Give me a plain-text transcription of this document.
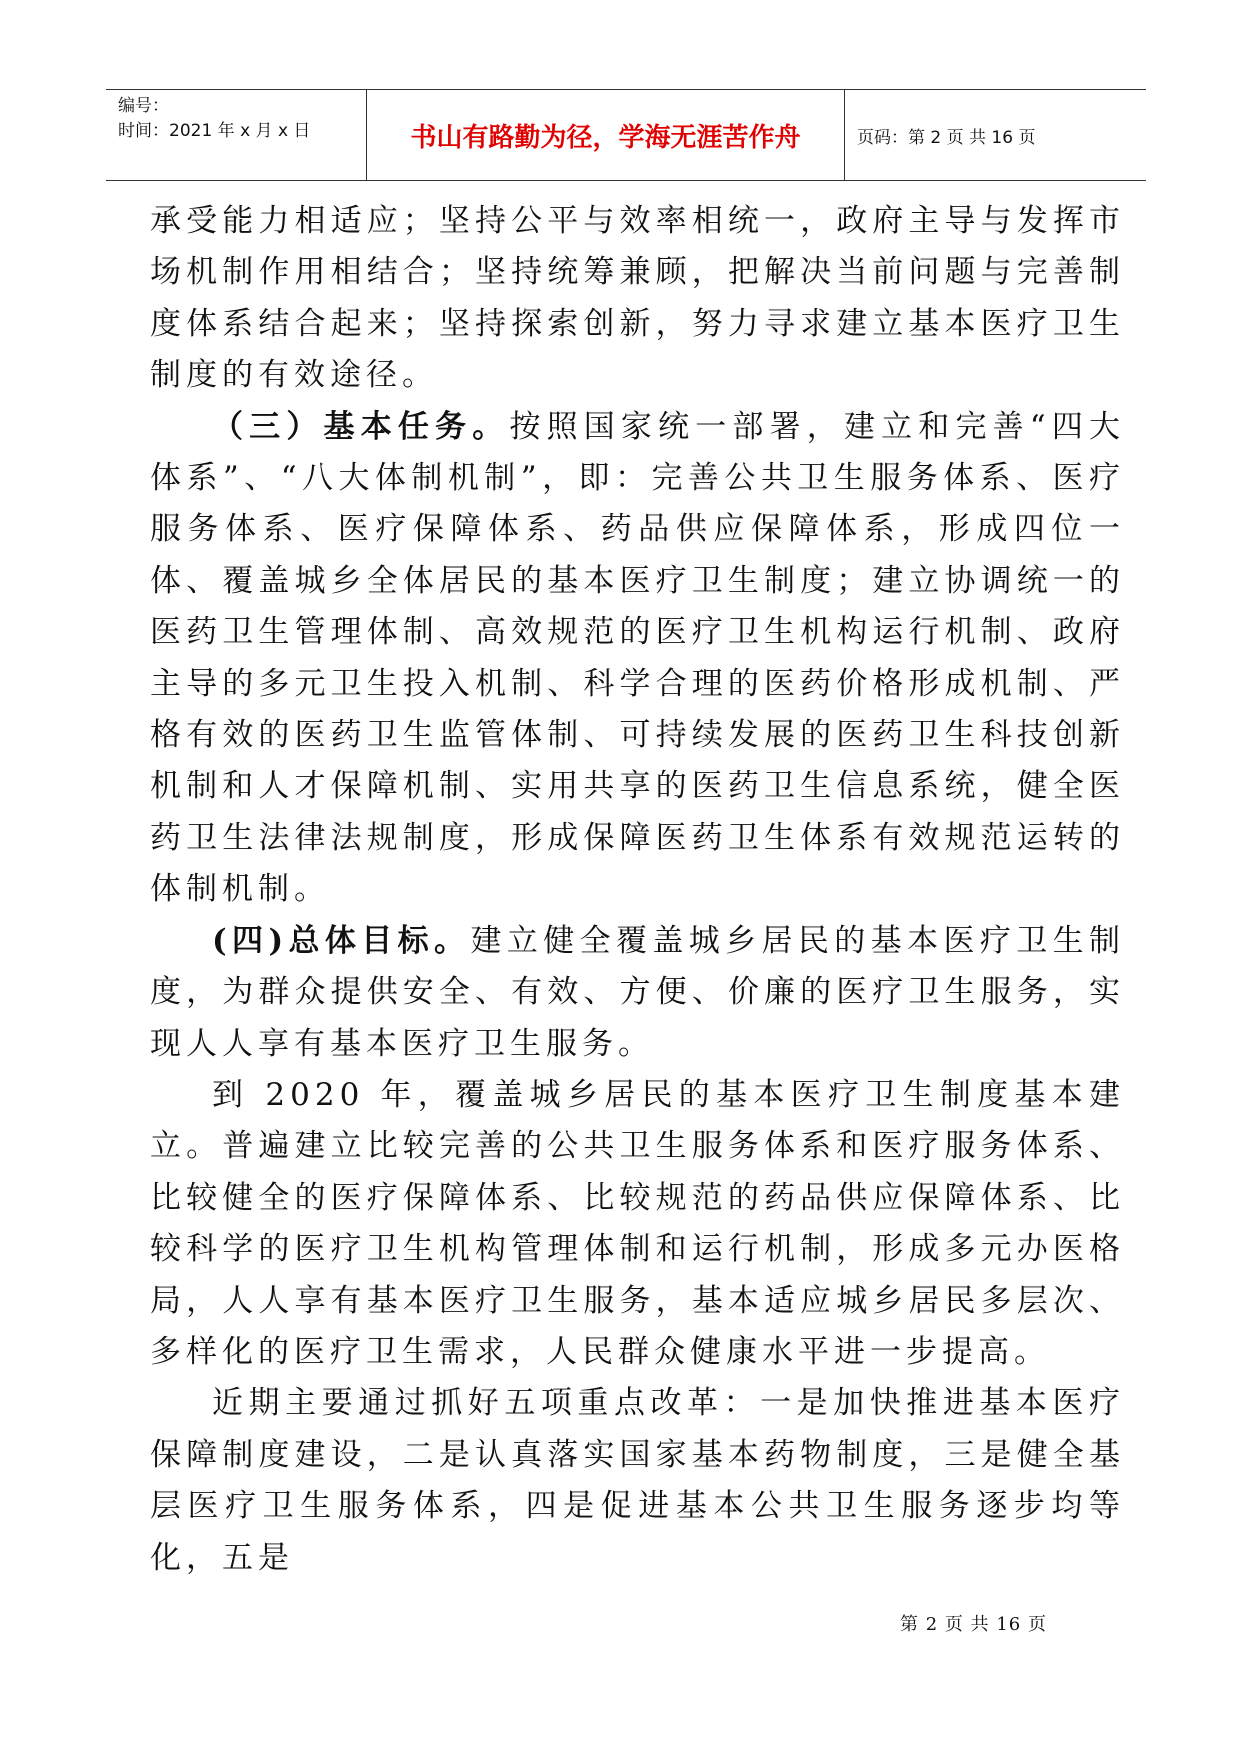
编号：
时间：2021 年 x 月 x 日	书山有路勤为径，学海无涯苦作舟	页码：第 2 页 共 16 页

承受能力相适应；坚持公平与效率相统一，政府主导与发挥市场机制作用相结合；坚持统筹兼顾，把解决当前问题与完善制度体系结合起来；坚持探索创新，努力寻求建立基本医疗卫生制度的有效途径。

（三）基本任务。按照国家统一部署，建立和完善“四大体系”、“八大体制机制”，即：完善公共卫生服务体系、医疗服务体系、医疗保障体系、药品供应保障体系，形成四位一体、覆盖城乡全体居民的基本医疗卫生制度；建立协调统一的医药卫生管理体制、高效规范的医疗卫生机构运行机制、政府主导的多元卫生投入机制、科学合理的医药价格形成机制、严格有效的医药卫生监管体制、可持续发展的医药卫生科技创新机制和人才保障机制、实用共享的医药卫生信息系统，健全医药卫生法律法规制度，形成保障医药卫生体系有效规范运转的体制机制。

(四)总体目标。建立健全覆盖城乡居民的基本医疗卫生制度，为群众提供安全、有效、方便、价廉的医疗卫生服务，实现人人享有基本医疗卫生服务。

到 2020 年，覆盖城乡居民的基本医疗卫生制度基本建立。普遍建立比较完善的公共卫生服务体系和医疗服务体系、比较健全的医疗保障体系、比较规范的药品供应保障体系、比较科学的医疗卫生机构管理体制和运行机制，形成多元办医格局，人人享有基本医疗卫生服务，基本适应城乡居民多层次、多样化的医疗卫生需求，人民群众健康水平进一步提高。

近期主要通过抓好五项重点改革：一是加快推进基本医疗保障制度建设，二是认真落实国家基本药物制度，三是健全基层医疗卫生服务体系，四是促进基本公共卫生服务逐步均等化，五是

第 2 页 共 16 页
